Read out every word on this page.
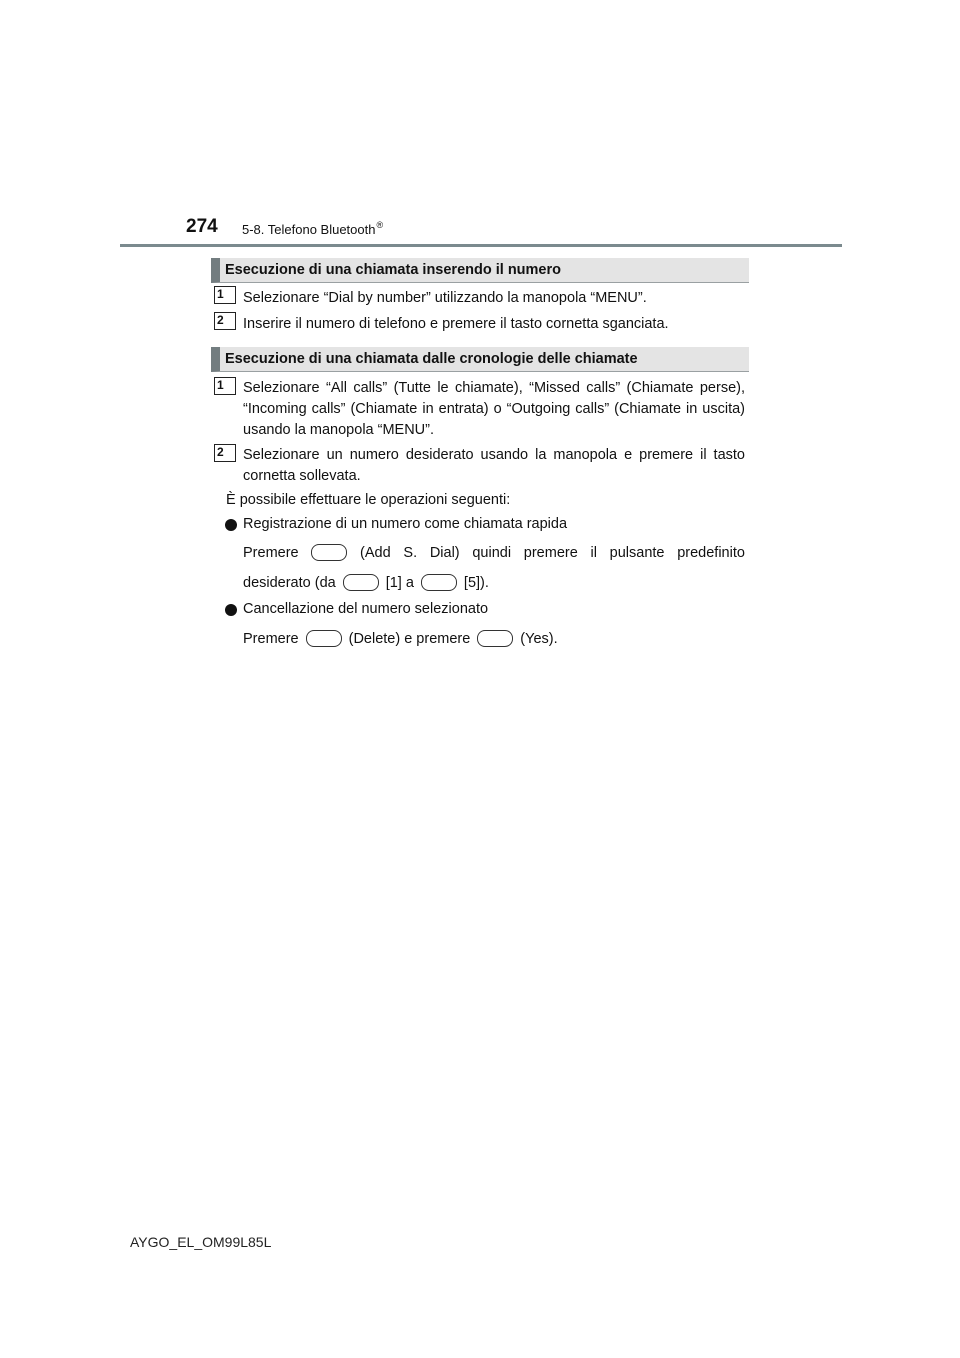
274 5-8. Telefono Bluetooth®
Esecuzione di una chiamata inserendo il numero
1	Selezionare “Dial by number” utilizzando la manopola “MENU”.
2	Inserire il numero di telefono e premere il tasto cornetta sganciata.
Esecuzione di una chiamata dalle cronologie delle chiamate
1	Selezionare “All calls” (Tutte le chiamate), “Missed calls” (Chiamate perse), “Incoming calls” (Chiamate in entrata) o “Outgoing calls” (Chiamate in uscita) usando la manopola “MENU”.
2	Selezionare un numero desiderato usando la manopola e premere il tasto cornetta sollevata.
È possibile effettuare le operazioni seguenti:
Registrazione di un numero come chiamata rapida
Premere	(Add S. Dial) quindi premere il pulsante predefinito
desiderato (da	[1] a	[5]).
Cancellazione del numero selezionato
Premere	(Delete) e premere	(Yes).
AYGO_EL_OM99L85L
